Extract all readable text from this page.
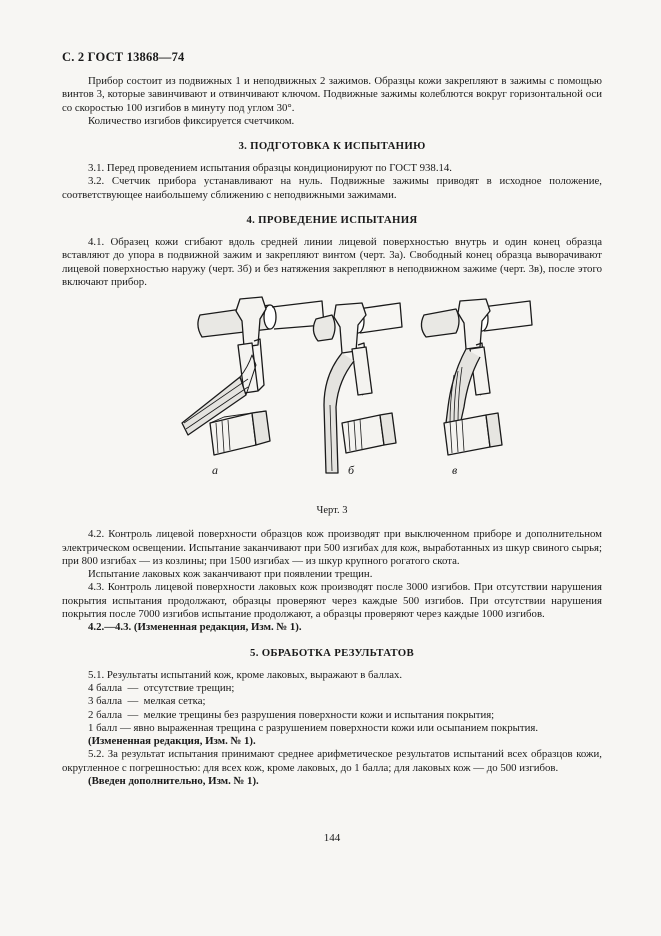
С. 2 ГОСТ 13868—74

Прибор состоит из подвижных 1 и неподвижных 2 зажимов. Образцы кожи закрепляют в зажимы с помощью винтов 3, которые завинчивают и отвинчивают ключом. Подвижные зажимы колеблются вокруг горизонтальной оси со скоростью 100 изгибов в минуту под углом 30°.

Количество изгибов фиксируется счетчиком.

3. ПОДГОТОВКА К ИСПЫТАНИЮ

3.1. Перед проведением испытания образцы кондиционируют по ГОСТ 938.14.

3.2. Счетчик прибора устанавливают на нуль. Подвижные зажимы приводят в исходное положение, соответствующее наибольшему сближению с неподвижными зажимами.

4. ПРОВЕДЕНИЕ ИСПЫТАНИЯ

4.1. Образец кожи сгибают вдоль средней линии лицевой поверхностью внутрь и один конец образца вставляют до упора в подвижной зажим и закрепляют винтом (черт. 3а). Свободный конец образца выворачивают лицевой поверхностью наружу (черт. 3б) и без натяжения закрепляют в неподвижном зажиме (черт. 3в), после этого включают прибор.

а	б	в
Черт. 3

4.2. Контроль лицевой поверхности образцов кож производят при выключенном приборе и дополнительном электрическом освещении. Испытание заканчивают при 500 изгибах для кож, выработанных из шкур свиного сырья; при 800 изгибах — из козлины; при 1500 изгибах — из шкур крупного рогатого скота.

Испытание лаковых кож заканчивают при появлении трещин.

4.3. Контроль лицевой поверхности лаковых кож производят после 3000 изгибов. При отсутствии нарушения покрытия испытания продолжают, образцы проверяют через каждые 500 изгибов. При отсутствии нарушения покрытия после 7000 изгибов испытание продолжают, а образцы проверяют через каждые 1000 изгибов.

4.2.—4.3. (Измененная редакция, Изм. № 1).

5. ОБРАБОТКА РЕЗУЛЬТАТОВ

5.1. Результаты испытаний кож, кроме лаковых, выражают в баллах.

4 балла  —  отсутствие трещин;

3 балла  —  мелкая сетка;

2 балла  —  мелкие трещины без разрушения поверхности кожи и испытания покрытия;

1 балл — явно выраженная трещина с разрушением поверхности кожи или осыпанием покрытия.

(Измененная редакция, Изм. № 1).

5.2. За результат испытания принимают среднее арифметическое результатов испытаний всех образцов кожи, округленное с погрешностью: для всех кож, кроме лаковых, до 1 балла; для лаковых кож — до 500 изгибов.

(Введен дополнительно, Изм. № 1).

144
